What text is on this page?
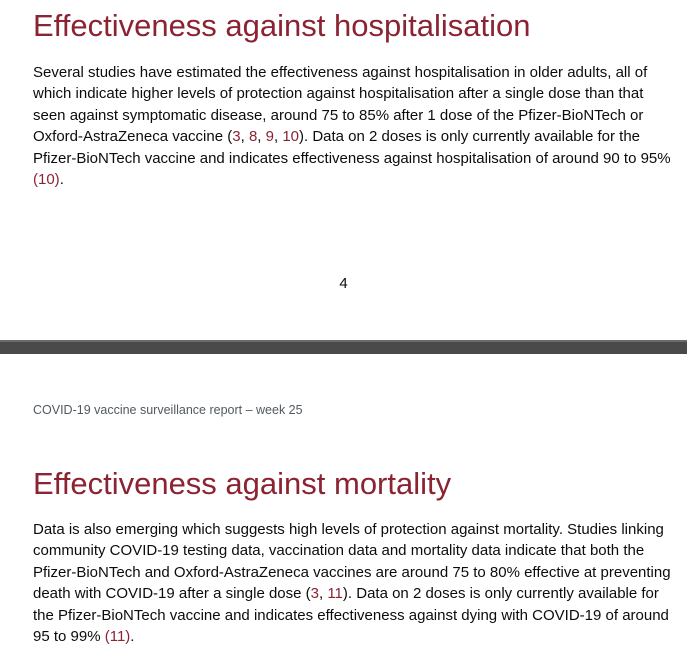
Effectiveness against hospitalisation

Several studies have estimated the effectiveness against hospitalisation in older adults, all of which indicate higher levels of protection against hospitalisation after a single dose than that seen against symptomatic disease, around 75 to 85% after 1 dose of the Pfizer-BioNTech or Oxford-AstraZeneca vaccine (3, 8, 9, 10). Data on 2 doses is only currently available for the Pfizer-BioNTech vaccine and indicates effectiveness against hospitalisation of around 90 to 95% (10).

4

COVID-19 vaccine surveillance report – week 25

Effectiveness against mortality

Data is also emerging which suggests high levels of protection against mortality. Studies linking community COVID-19 testing data, vaccination data and mortality data indicate that both the Pfizer-BioNTech and Oxford-AstraZeneca vaccines are around 75 to 80% effective at preventing death with COVID-19 after a single dose (3, 11). Data on 2 doses is only currently available for the Pfizer-BioNTech vaccine and indicates effectiveness against dying with COVID-19 of around 95 to 99% (11).
